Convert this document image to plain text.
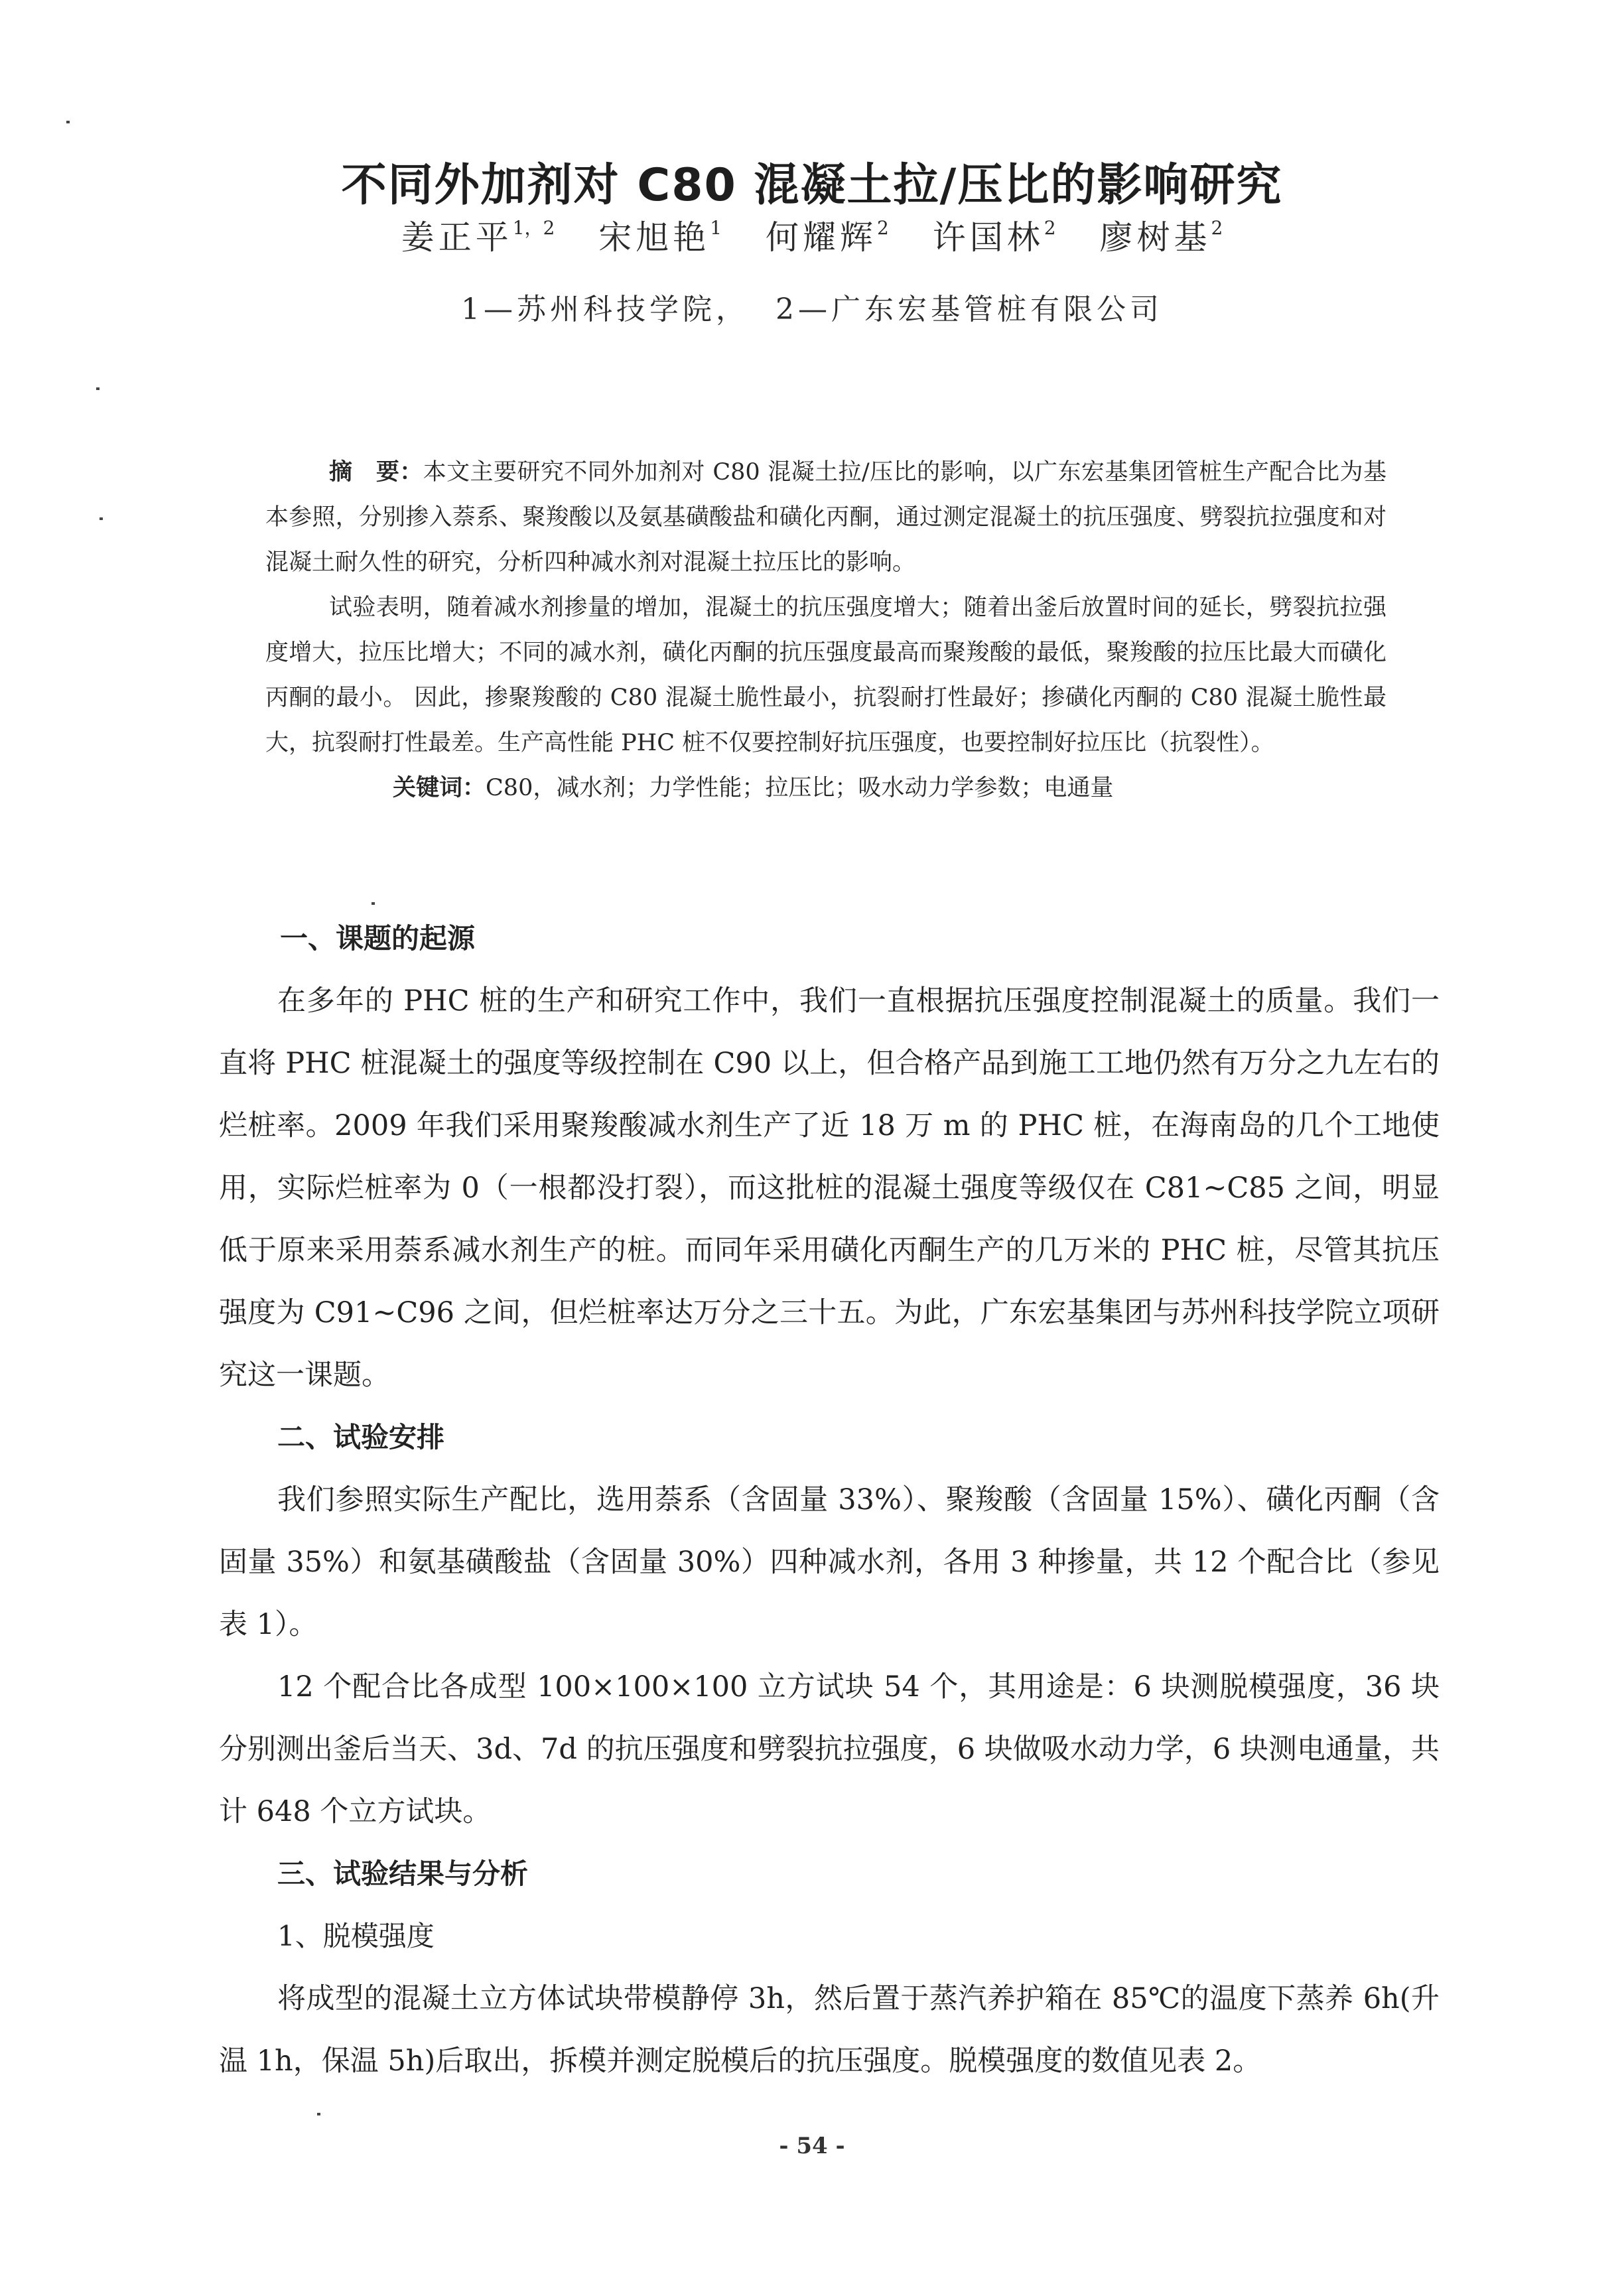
不同外加剂对 C80 混凝土拉/压比的影响研究
姜正平$^{1,2}$ 宋旭艳$^1$ 何耀辉$^2$ 许国林$^2$ 廖树基$^2$
1—苏州科技学院， 2—广东宏基管桩有限公司

摘　要：本文主要研究不同外加剂对 C80 混凝土拉/压比的影响，以广东宏基集团管桩生产配合比为基本参照，分别掺入萘系、聚羧酸以及氨基磺酸盐和磺化丙酮，通过测定混凝土的抗压强度、劈裂抗拉强度和对混凝土耐久性的研究，分析四种减水剂对混凝土拉压比的影响。

试验表明，随着减水剂掺量的增加，混凝土的抗压强度增大；随着出釜后放置时间的延长，劈裂抗拉强度增大，拉压比增大；不同的减水剂，磺化丙酮的抗压强度最高而聚羧酸的最低，聚羧酸的拉压比最大而磺化丙酮的最小。 因此，掺聚羧酸的 C80 混凝土脆性最小，抗裂耐打性最好；掺磺化丙酮的 C80 混凝土脆性最大，抗裂耐打性最差。生产高性能 PHC 桩不仅要控制好抗压强度，也要控制好拉压比（抗裂性）。

关键词：C80，减水剂；力学性能；拉压比；吸水动力学参数；电通量

一、课题的起源

在多年的 PHC 桩的生产和研究工作中，我们一直根据抗压强度控制混凝土的质量。我们一直将 PHC 桩混凝土的强度等级控制在 C90 以上，但合格产品到施工工地仍然有万分之九左右的烂桩率。2009 年我们采用聚羧酸减水剂生产了近 18 万 m 的 PHC 桩，在海南岛的几个工地使用，实际烂桩率为 0（一根都没打裂），而这批桩的混凝土强度等级仅在 C81~C85 之间，明显低于原来采用萘系减水剂生产的桩。而同年采用磺化丙酮生产的几万米的 PHC 桩，尽管其抗压强度为 C91~C96 之间，但烂桩率达万分之三十五。为此，广东宏基集团与苏州科技学院立项研究这一课题。

二、试验安排

我们参照实际生产配比，选用萘系（含固量 33%）、聚羧酸（含固量 15%）、磺化丙酮（含固量 35%）和氨基磺酸盐（含固量 30%）四种减水剂，各用 3 种掺量，共 12 个配合比（参见表 1）。

12 个配合比各成型 100×100×100 立方试块 54 个，其用途是：6 块测脱模强度，36 块分别测出釜后当天、3d、7d 的抗压强度和劈裂抗拉强度，6 块做吸水动力学，6 块测电通量，共计 648 个立方试块。

三、试验结果与分析
1、脱模强度

将成型的混凝土立方体试块带模静停 3h，然后置于蒸汽养护箱在 85℃的温度下蒸养 6h(升温 1h，保温 5h)后取出，拆模并测定脱模后的抗压强度。脱模强度的数值见表 2。

- 54 -
